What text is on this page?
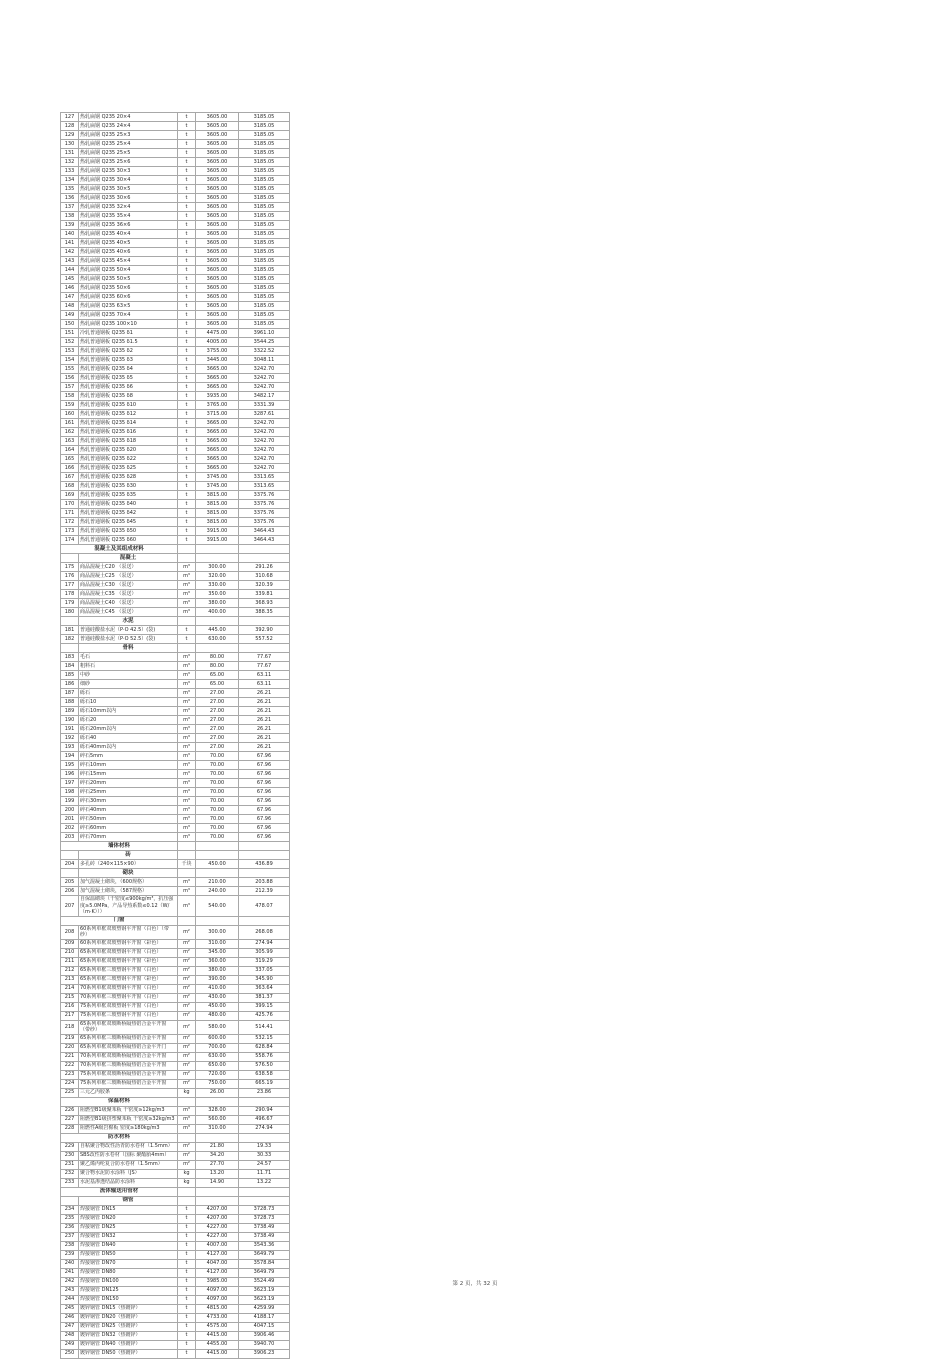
127	热轧扁钢 Q235 20×4	t	3605.00	3185.05
128	热轧扁钢 Q235 24×4	t	3605.00	3185.05
129	热轧扁钢 Q235 25×3	t	3605.00	3185.05
130	热轧扁钢 Q235 25×4	t	3605.00	3185.05
131	热轧扁钢 Q235 25×5	t	3605.00	3185.05
132	热轧扁钢 Q235 25×6	t	3605.00	3185.05
133	热轧扁钢 Q235 30×3	t	3605.00	3185.05
134	热轧扁钢 Q235 30×4	t	3605.00	3185.05
135	热轧扁钢 Q235 30×5	t	3605.00	3185.05
136	热轧扁钢 Q235 30×6	t	3605.00	3185.05
137	热轧扁钢 Q235 32×4	t	3605.00	3185.05
138	热轧扁钢 Q235 35×4	t	3605.00	3185.05
139	热轧扁钢 Q235 36×6	t	3605.00	3185.05
140	热轧扁钢 Q235 40×4	t	3605.00	3185.05
141	热轧扁钢 Q235 40×5	t	3605.00	3185.05
142	热轧扁钢 Q235 40×6	t	3605.00	3185.05
143	热轧扁钢 Q235 45×4	t	3605.00	3185.05
144	热轧扁钢 Q235 50×4	t	3605.00	3185.05
145	热轧扁钢 Q235 50×5	t	3605.00	3185.05
146	热轧扁钢 Q235 50×6	t	3605.00	3185.05
147	热轧扁钢 Q235 60×6	t	3605.00	3185.05
148	热轧扁钢 Q235 63×5	t	3605.00	3185.05
149	热轧扁钢 Q235 70×4	t	3605.00	3185.05
150	热轧扁钢 Q235 100×10	t	3605.00	3185.05
151	冷轧普通钢板 Q235 δ1	t	4475.00	3961.10
152	热轧普通钢板 Q235 δ1.5	t	4005.00	3544.25
153	热轧普通钢板 Q235 δ2	t	3755.00	3322.52
154	热轧普通钢板 Q235 δ3	t	3445.00	3048.11
155	热轧普通钢板 Q235 δ4	t	3665.00	3242.70
156	热轧普通钢板 Q235 δ5	t	3665.00	3242.70
157	热轧普通钢板 Q235 δ6	t	3665.00	3242.70
158	热轧普通钢板 Q235 δ8	t	3935.00	3482.17
159	热轧普通钢板 Q235 δ10	t	3765.00	3331.39
160	热轧普通钢板 Q235 δ12	t	3715.00	3287.61
161	热轧普通钢板 Q235 δ14	t	3665.00	3242.70
162	热轧普通钢板 Q235 δ16	t	3665.00	3242.70
163	热轧普通钢板 Q235 δ18	t	3665.00	3242.70
164	热轧普通钢板 Q235 δ20	t	3665.00	3242.70
165	热轧普通钢板 Q235 δ22	t	3665.00	3242.70
166	热轧普通钢板 Q235 δ25	t	3665.00	3242.70
167	热轧普通钢板 Q235 δ28	t	3745.00	3313.65
168	热轧普通钢板 Q235 δ30	t	3745.00	3313.65
169	热轧普通钢板 Q235 δ35	t	3815.00	3375.76
170	热轧普通钢板 Q235 δ40	t	3815.00	3375.76
171	热轧普通钢板 Q235 δ42	t	3815.00	3375.76
172	热轧普通钢板 Q235 δ45	t	3815.00	3375.76
173	热轧普通钢板 Q235 δ50	t	3915.00	3464.43
174	热轧普通钢板 Q235 δ60	t	3915.00	3464.43
混凝土及其组成材料				
	混凝土			
175	商品混凝土C20 （泵送）	m³	300.00	291.26
176	商品混凝土C25 （泵送）	m³	320.00	310.68
177	商品混凝土C30 （泵送）	m³	330.00	320.39
178	商品混凝土C35 （泵送）	m³	350.00	339.81
179	商品混凝土C40 （泵送）	m³	380.00	368.93
180	商品混凝土C45 （泵送）	m³	400.00	388.35
	水泥			
181	普通硅酸盐水泥（P·O 42.5）(袋)	t	445.00	392.90
182	普通硅酸盐水泥（P·O 52.5）(袋)	t	630.00	557.52
	骨料			
183	毛石	m³	80.00	77.67
184	粗料石	m³	80.00	77.67
185	中砂	m³	65.00	63.11
186	细砂	m³	65.00	63.11
187	砾石	m³	27.00	26.21
188	砾石10	m³	27.00	26.21
189	砾石10mm以内	m³	27.00	26.21
190	砾石20	m³	27.00	26.21
191	砾石20mm以内	m³	27.00	26.21
192	砾石40	m³	27.00	26.21
193	砾石40mm以内	m³	27.00	26.21
194	碎石5mm	m³	70.00	67.96
195	碎石10mm	m³	70.00	67.96
196	碎石15mm	m³	70.00	67.96
197	碎石20mm	m³	70.00	67.96
198	碎石25mm	m³	70.00	67.96
199	碎石30mm	m³	70.00	67.96
200	碎石40mm	m³	70.00	67.96
201	碎石50mm	m³	70.00	67.96
202	碎石60mm	m³	70.00	67.96
203	碎石70mm	m³	70.00	67.96
墙体材料				
	砖			
204	多孔砖（240×115×90）	千块	450.00	436.89
	砌块			
205	加气混凝土砌块，（600规格）	m³	210.00	203.88
206	加气混凝土砌块，（587规格）	m³	240.00	212.39
207	自保温砌块（干密度≤900kg/m³，抗压强度≥5.0MPa，产品导热系数≤0.12（W/（m·K）））	m³	540.00	478.07
门窗				
208	60系列单框双玻塑钢平开窗（白色）（带纱）	m²	300.00	268.08
209	60系列单框双玻塑钢平开窗（彩色）	m²	310.00	274.94
210	65系列单框双玻塑钢平开窗（白色）	m²	345.00	305.99
211	65系列单框双玻塑钢平开窗（彩色）	m²	360.00	319.29
212	65系列单框三玻塑钢平开窗（白色）	m²	380.00	337.05
213	65系列单框三玻塑钢平开窗（彩色）	m²	390.00	345.90
214	70系列单框双玻塑钢平开窗（白色）	m²	410.00	363.64
215	70系列单框三玻塑钢平开窗（白色）	m²	430.00	381.37
216	75系列单框双玻塑钢平开窗（白色）	m²	450.00	399.15
217	75系列单框三玻塑钢平开窗（白色）	m²	480.00	425.76
218	65系列单框双玻断桥隔热铝合金平开窗（带纱）	m²	580.00	514.41
219	65系列单框三玻断桥隔热铝合金平开窗	m²	600.00	532.15
220	65系列单框双玻断桥隔热铝合金平开门	m²	700.00	628.84
221	70系列单框双玻断桥隔热铝合金平开窗	m²	630.00	558.76
222	70系列单框三玻断桥隔热铝合金平开窗	m²	650.00	576.50
223	75系列单框双玻断桥隔热铝合金平开窗	m²	720.00	638.58
224	75系列单框三玻断桥隔热铝合金平开窗	m²	750.00	665.19
225	三元乙丙胶条	kg	26.00	23.86
保温材料				
226	阻燃型B1级聚苯板 干密度≥12kg/m3	m³	328.00	290.94
227	阻燃型B1级挤塑聚苯板 干密度≥32kg/m3	m³	560.00	496.67
228	阻燃性A级岩棉板 密度≥180kg/m3	m³	310.00	274.94
防水材料				
229	自粘聚合物改性沥青防水卷材（1.5mm）	m²	21.80	19.33
230	SBS改性防水卷材（国标 聚酯胎4mm）	m²	34.20	30.33
231	聚乙烯丙纶复合防水卷材（1.5mm）	m²	27.70	24.57
232	聚合物水泥防水涂料（JS）	kg	13.20	11.71
233	水泥基渗透结晶防水涂料	kg	14.90	13.22
流体输送用管材				
	钢管			
234	焊接钢管 DN15	t	4207.00	3728.73
235	焊接钢管 DN20	t	4207.00	3728.73
236	焊接钢管 DN25	t	4227.00	3738.49
237	焊接钢管 DN32	t	4227.00	3738.49
238	焊接钢管 DN40	t	4007.00	3543.36
239	焊接钢管 DN50	t	4127.00	3649.79
240	焊接钢管 DN70	t	4047.00	3578.84
241	焊接钢管 DN80	t	4127.00	3649.79
242	焊接钢管 DN100	t	3985.00	3524.49
243	焊接钢管 DN125	t	4097.00	3623.19
244	焊接钢管 DN150	t	4097.00	3623.19
245	镀锌钢管 DN15（热镀锌）	t	4815.00	4259.99
246	镀锌钢管 DN20（热镀锌）	t	4733.00	4188.17
247	镀锌钢管 DN25（热镀锌）	t	4575.00	4047.15
248	镀锌钢管 DN32（热镀锌）	t	4415.00	3906.46
249	镀锌钢管 DN40（热镀锌）	t	4455.00	3940.70
250	镀锌钢管 DN50（热镀锌）	t	4415.00	3906.23
第 2 页，共 32 页
